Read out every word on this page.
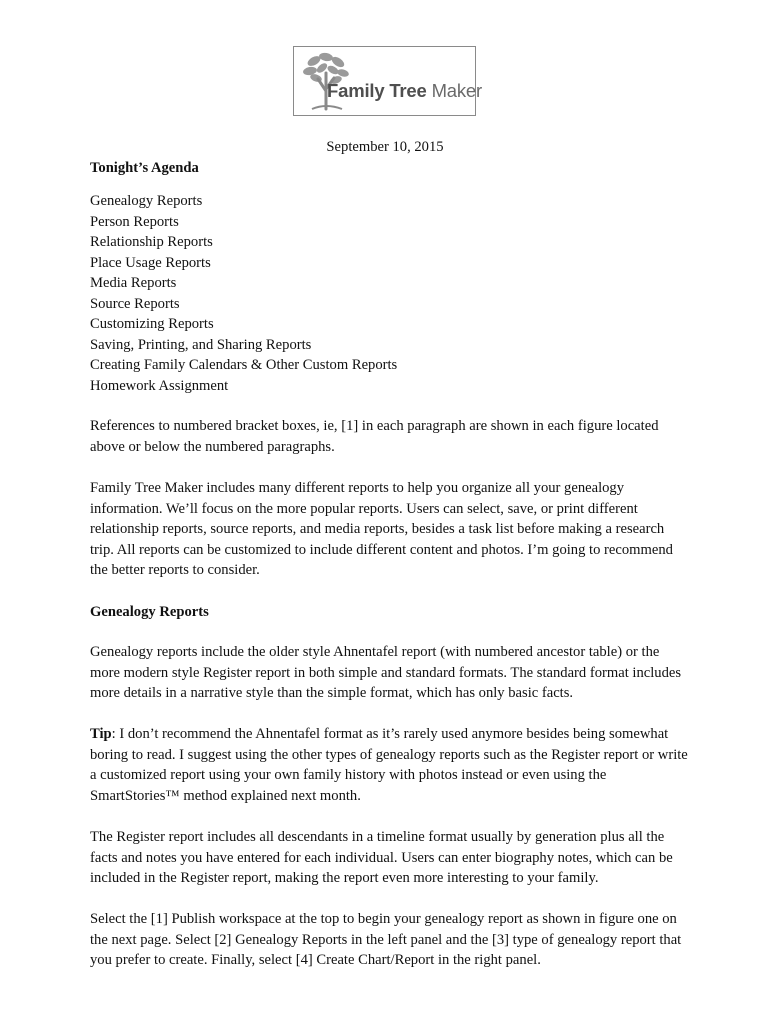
Family Tree Maker
September 10, 2015
Tonight’s Agenda
Genealogy Reports
Person Reports
Relationship Reports
Place Usage Reports
Media Reports
Source Reports
Customizing Reports
Saving, Printing, and Sharing Reports
Creating Family Calendars & Other Custom Reports
Homework Assignment

References to numbered bracket boxes, ie, [1] in each paragraph are shown in each figure located above or below the numbered paragraphs.

Family Tree Maker includes many different reports to help you organize all your genealogy information. We’ll focus on the more popular reports. Users can select, save, or print different relationship reports, source reports, and media reports, besides a task list before making a research trip. All reports can be customized to include different content and photos. I’m going to recommend the better reports to consider.

Genealogy Reports

Genealogy reports include the older style Ahnentafel report (with numbered ancestor table) or the more modern style Register report in both simple and standard formats. The standard format includes more details in a narrative style than the simple format, which has only basic facts.

Tip: I don’t recommend the Ahnentafel format as it’s rarely used anymore besides being somewhat boring to read. I suggest using the other types of genealogy reports such as the Register report or write a customized report using your own family history with photos instead or even using the SmartStories™ method explained next month.

The Register report includes all descendants in a timeline format usually by generation plus all the facts and notes you have entered for each individual. Users can enter biography notes, which can be included in the Register report, making the report even more interesting to your family.

Select the [1] Publish workspace at the top to begin your genealogy report as shown in figure one on the next page. Select [2] Genealogy Reports in the left panel and the [3] type of genealogy report that you prefer to create. Finally, select [4] Create Chart/Report in the right panel.
